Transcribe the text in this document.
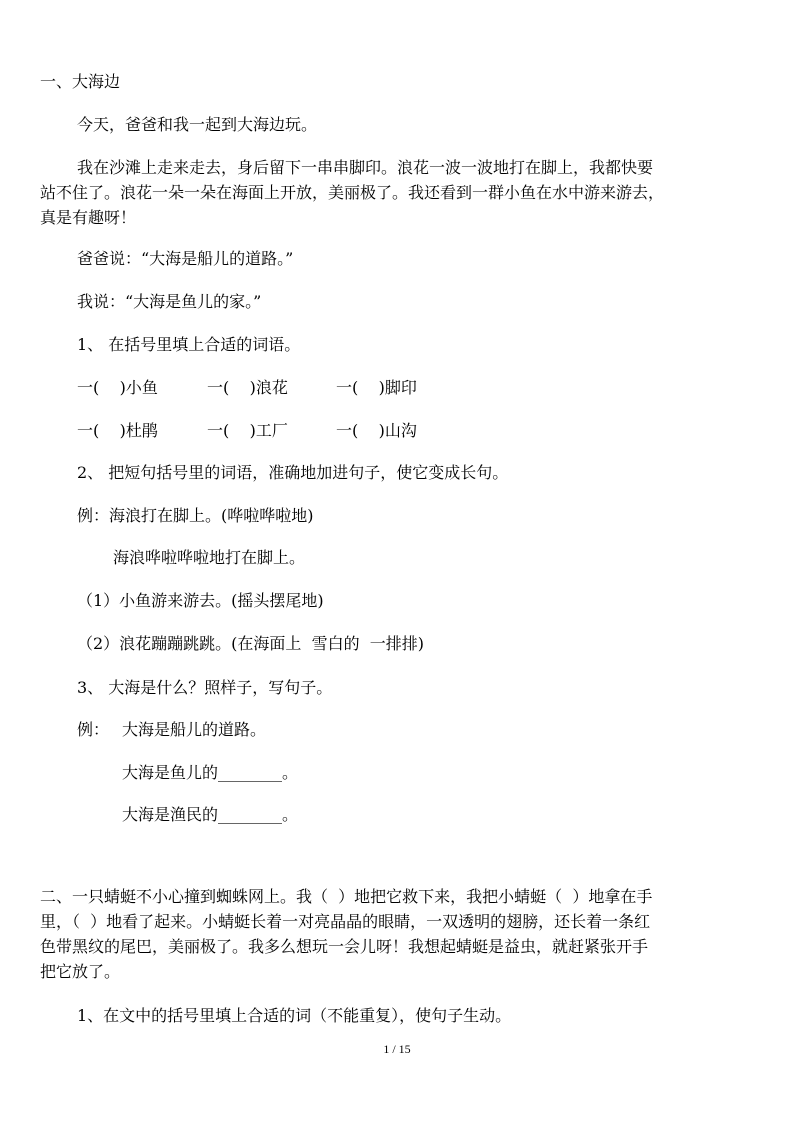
一、大海边
今天，爸爸和我一起到大海边玩。
我在沙滩上走来走去，身后留下一串串脚印。浪花一波一波地打在脚上，我都快要
站不住了。浪花一朵一朵在海面上开放，美丽极了。我还看到一群小鱼在水中游来游去，
真是有趣呀！
爸爸说：“大海是船儿的道路。”
我说：“大海是鱼儿的家。”
1、 在括号里填上合适的词语。
一(    )小鱼	一(    )浪花	一(    )脚印
一(    )杜鹃	一(    )工厂	一(    )山沟
2、 把短句括号里的词语，准确地加进句子，使它变成长句。
例：海浪打在脚上。(哗啦哗啦地)
海浪哗啦哗啦地打在脚上。
（1）小鱼游来游去。(摇头摆尾地)
（2）浪花蹦蹦跳跳。(在海面上  雪白的  一排排)
3、 大海是什么？照样子，写句子。
例： 大海是船儿的道路。
大海是鱼儿的________。
大海是渔民的________。
二、一只蜻蜓不小心撞到蜘蛛网上。我（  ）地把它救下来，我把小蜻蜓（  ）地拿在手
里，（  ）地看了起来。小蜻蜓长着一对亮晶晶的眼睛，一双透明的翅膀，还长着一条红
色带黑纹的尾巴，美丽极了。我多么想玩一会儿呀！我想起蜻蜓是益虫，就赶紧张开手
把它放了。
1、在文中的括号里填上合适的词（不能重复），使句子生动。
1 / 15
